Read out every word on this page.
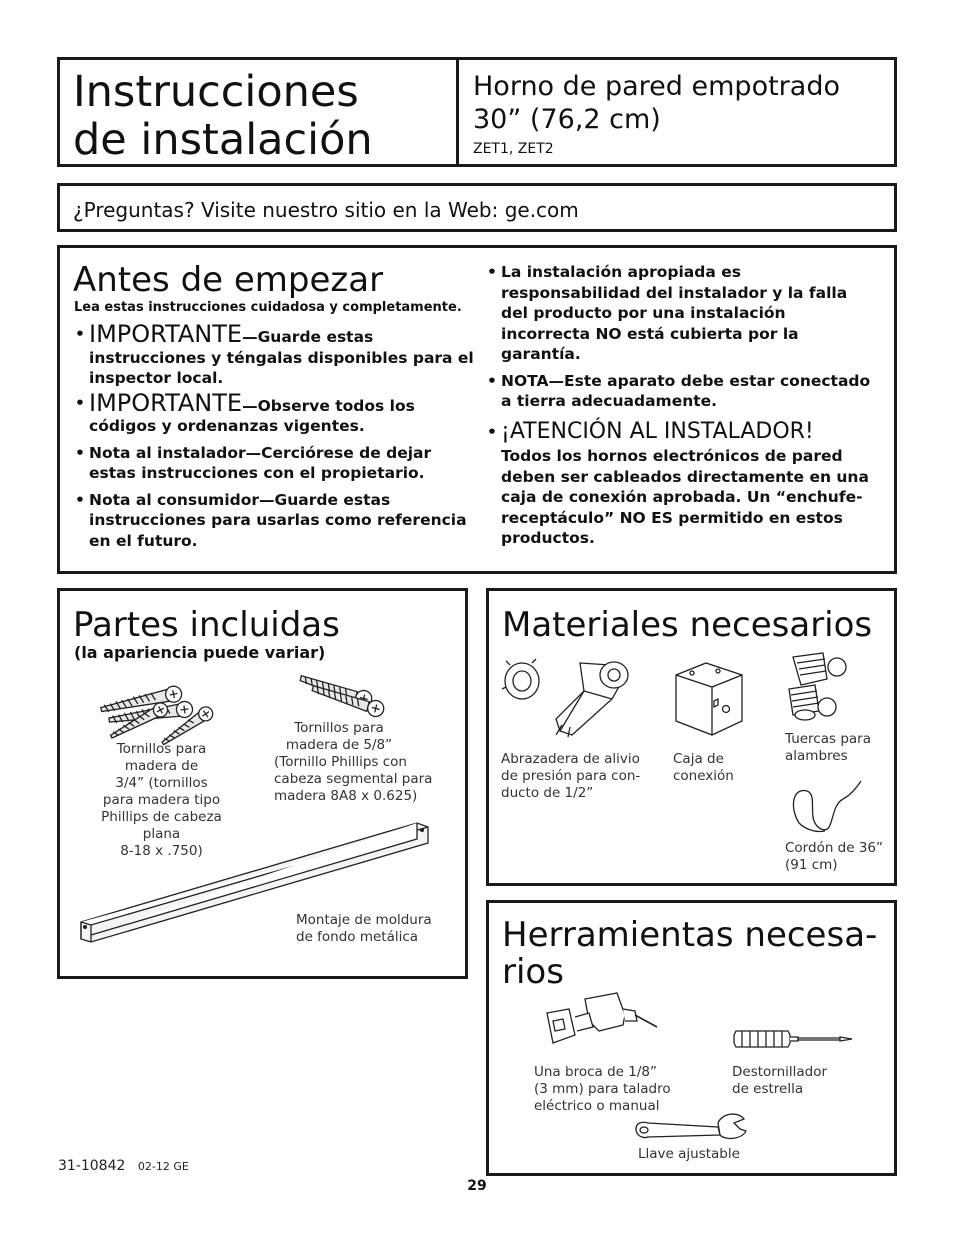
Instrucciones
de instalación
Horno de pared empotrado
30” (76,2 cm)
ZET1, ZET2
¿Preguntas? Visite nuestro sitio en la Web: ge.com
Antes de empezar
Lea estas instrucciones cuidadosa y completamente.
• IMPORTANTE—Guarde estas instrucciones y téngalas disponibles para el inspector local.
• IMPORTANTE—Observe todos los códigos y ordenanzas vigentes.
• Nota al instalador—Cerciórese de dejar estas instrucciones con el propietario.
• Nota al consumidor—Guarde estas instrucciones para usarlas como referencia en el futuro.
• La instalación apropiada es responsabilidad del instalador y la falla del producto por una instalación incorrecta NO está cubierta por la garantía.
• NOTA—Este aparato debe estar conectado a tierra adecuadamente.
• ¡ATENCIÓN AL INSTALADOR!
Todos los hornos electrónicos de pared deben ser cableados directamente en una caja de conexión aprobada. Un “enchufe-receptáculo” NO ES permitido en estos productos.
Partes incluidas
(la apariencia puede variar)
Tornillos para
madera de
3/4” (tornillos
para madera tipo
Phillips de cabeza
plana
8-18 x .750)
Tornillos para
madera de 5/8”
(Tornillo Phillips con
cabeza segmental para
madera 8A8 x 0.625)
Montaje de moldura
de fondo metálica
Materiales necesarios
Abrazadera de alivio
de presión para con-
ducto de 1/2”
Caja de
conexión
Tuercas para
alambres
Cordón de 36”
(91 cm)
Herramientas necesa-
rios
Una broca de 1/8”
(3 mm) para taladro
eléctrico o manual
Destornillador
de estrella
Llave ajustable
31-10842 02-12 GE
29
